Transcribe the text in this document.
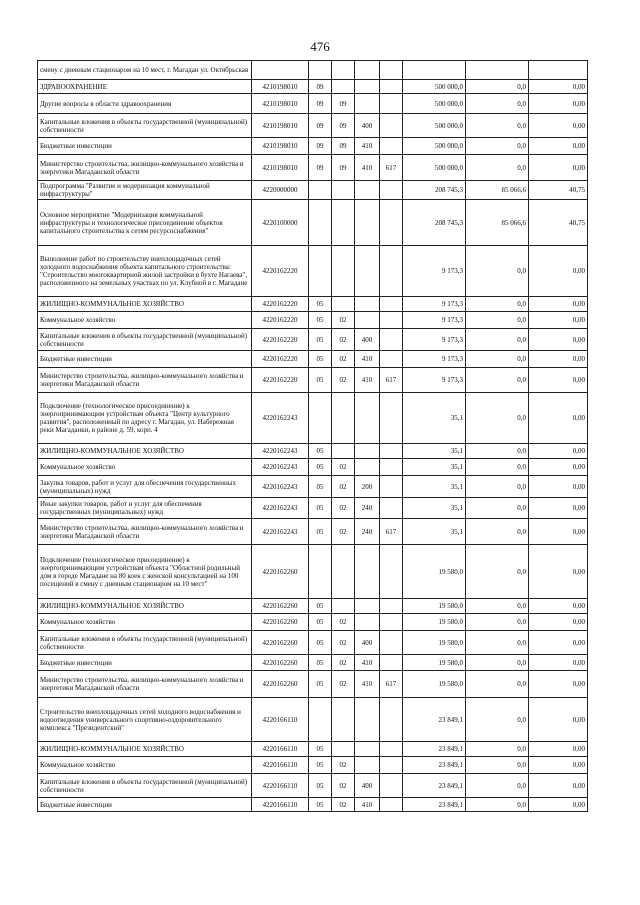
476
смену с дневным стационаром на 10 мест, г. Магадан ул. Октябрьская								
ЗДРАВООХРАНЕНИЕ	4210198010	09				500 000,0	0,0	0,00
Другие вопросы в области здравоохранения	4210198010	09	09			500 000,0	0,0	0,00
Капитальные вложения в объекты государственной (муниципальной) собственности	4210198010	09	09	400		500 000,0	0,0	0,00
Бюджетные инвестиции	4210198010	09	09	410		500 000,0	0,0	0,00
Министерство строительства, жилищно-коммунального хозяйства и энергетики Магаданской области	4210198010	09	09	410	617	500 000,0	0,0	0,00
Подпрограмма "Развитие и модернизация коммунальной инфраструктуры"	4220000000					208 745,3	85 066,6	40,75
Основное мероприятие "Модернизация коммунальной инфраструктуры и технологическое присоединение объектов капитального строительства к сетям ресурсоснабжения"	4220100000					208 745,3	85 066,6	40,75
Выполнение работ по строительству внеплощадочных сетей холодного водоснабжения объекта капитального строительства: "Строительство многоквартирной жилой застройки в бухте Нагаева", расположенного на земельных участках по ул. Клубной в г. Магадане	4220162220					9 173,3	0,0	0,00
ЖИЛИЩНО-КОММУНАЛЬНОЕ ХОЗЯЙСТВО	4220162220	05				9 173,3	0,0	0,00
Коммунальное хозяйство	4220162220	05	02			9 173,3	0,0	0,00
Капитальные вложения в объекты государственной (муниципальной) собственности	4220162220	05	02	400		9 173,3	0,0	0,00
Бюджетные инвестиции	4220162220	05	02	410		9 173,3	0,0	0,00
Министерство строительства, жилищно-коммунального хозяйства и энергетики Магаданской области	4220162220	05	02	410	617	9 173,3	0,0	0,00
Подключение (технологическое присоединение) к энергопринимающим устройствам объекта "Центр культурного развития", расположенный по адресу г. Магадан, ул. Набережная реки Магаданки, в районе д. 59, корп. 4	4220162243					35,1	0,0	0,00
ЖИЛИЩНО-КОММУНАЛЬНОЕ ХОЗЯЙСТВО	4220162243	05				35,1	0,0	0,00
Коммунальное хозяйство	4220162243	05	02			35,1	0,0	0,00
Закупка товаров, работ и услуг для обеспечения государственных (муниципальных) нужд	4220162243	05	02	200		35,1	0,0	0,00
Иные закупки товаров, работ и услуг для обеспечения государственных (муниципальных) нужд	4220162243	05	02	240		35,1	0,0	0,00
Министерство строительства, жилищно-коммунального хозяйства и энергетики Магаданской области	4220162243	05	02	240	617	35,1	0,0	0,00
Подключение (технологическое присоединение) к энергопринимающим устройствам объекта "Областной родильный дом в городе Магадане на 80 коек с женской консультацией на 100 посещений в смену с дневным стационаром на 10 мест"	4220162260					19 580,0	0,0	0,00
ЖИЛИЩНО-КОММУНАЛЬНОЕ ХОЗЯЙСТВО	4220162260	05				19 580,0	0,0	0,00
Коммунальное хозяйство	4220162260	05	02			19 580,0	0,0	0,00
Капитальные вложения в объекты государственной (муниципальной) собственности	4220162260	05	02	400		19 580,0	0,0	0,00
Бюджетные инвестиции	4220162260	05	02	410		19 580,0	0,0	0,00
Министерство строительства, жилищно-коммунального хозяйства и энергетики Магаданской области	4220162260	05	02	410	617	19 580,0	0,0	0,00
Строительство внеплощадочных сетей холодного водоснабжения и водоотведения универсального спортивно-оздоровительного комплекса "Президентский"	4220166110					23 849,1	0,0	0,00
ЖИЛИЩНО-КОММУНАЛЬНОЕ ХОЗЯЙСТВО	4220166110	05				23 849,1	0,0	0,00
Коммунальное хозяйство	4220166110	05	02			23 849,1	0,0	0,00
Капитальные вложения в объекты государственной (муниципальной) собственности	4220166110	05	02	400		23 849,1	0,0	0,00
Бюджетные инвестиции	4220166110	05	02	410		23 849,1	0,0	0,00
